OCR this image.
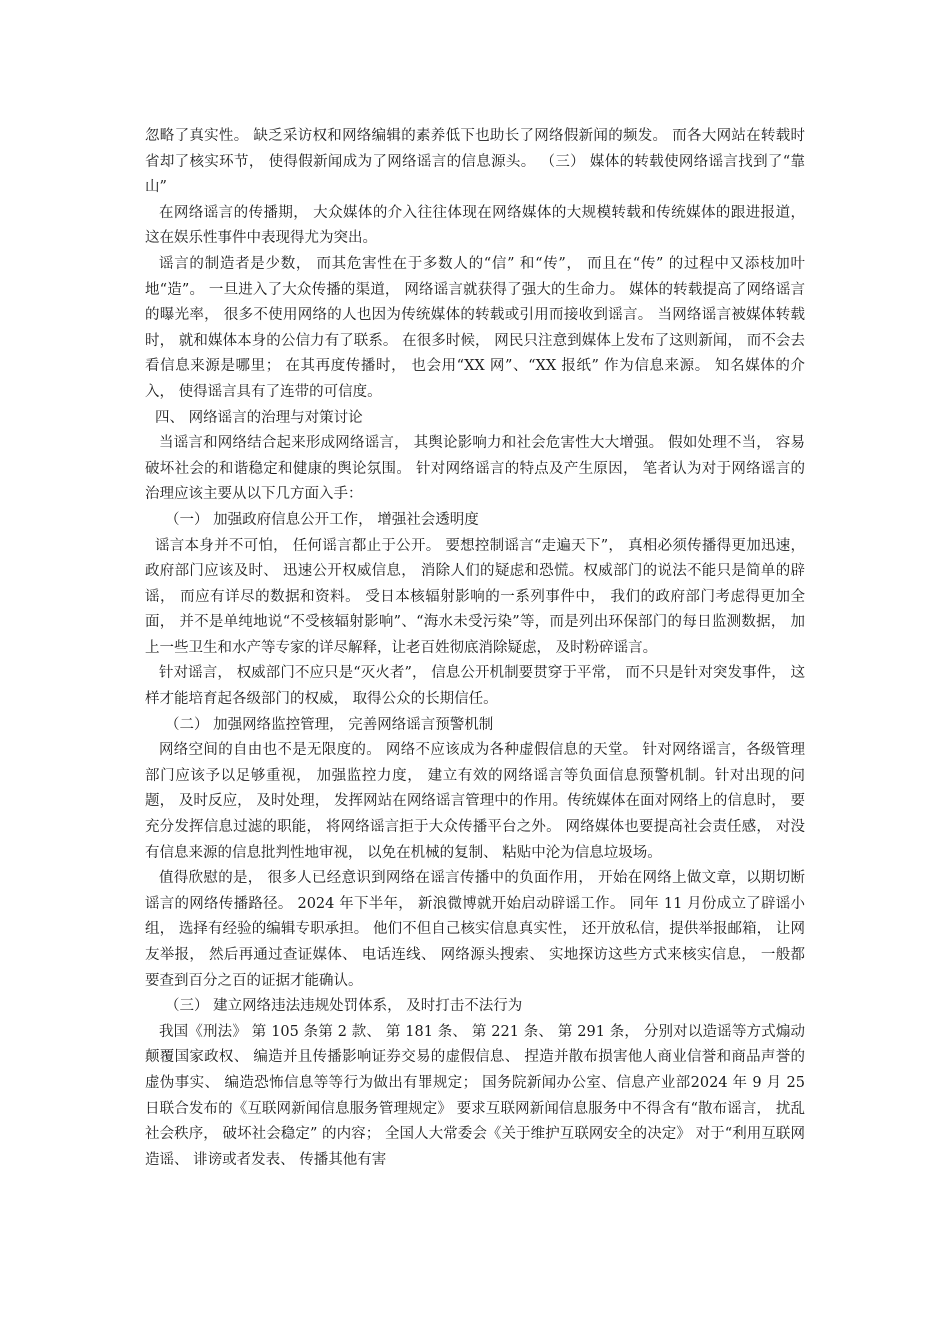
忽略了真实性。 缺乏采访权和网络编辑的素养低下也助长了网络假新闻的频发。 而各大网站在转载时省却了核实环节， 使得假新闻成为了网络谣言的信息源头。 （三） 媒体的转载使网络谣言找到了“靠山”

在网络谣言的传播期， 大众媒体的介入往往体现在网络媒体的大规模转载和传统媒体的跟进报道， 这在娱乐性事件中表现得尤为突出。

谣言的制造者是少数， 而其危害性在于多数人的“信” 和“传”， 而且在“传” 的过程中又添枝加叶地“造”。 一旦进入了大众传播的渠道， 网络谣言就获得了强大的生命力。 媒体的转载提高了网络谣言的曝光率， 很多不使用网络的人也因为传统媒体的转载或引用而接收到谣言。 当网络谣言被媒体转载时， 就和媒体本身的公信力有了联系。 在很多时候， 网民只注意到媒体上发布了这则新闻， 而不会去看信息来源是哪里； 在其再度传播时， 也会用“XX 网”、“XX 报纸” 作为信息来源。 知名媒体的介入， 使得谣言具有了连带的可信度。

四、 网络谣言的治理与对策讨论

当谣言和网络结合起来形成网络谣言， 其舆论影响力和社会危害性大大增强。 假如处理不当， 容易破坏社会的和谐稳定和健康的舆论氛围。 针对网络谣言的特点及产生原因， 笔者认为对于网络谣言的治理应该主要从以下几方面入手：

（一） 加强政府信息公开工作， 增强社会透明度

谣言本身并不可怕， 任何谣言都止于公开。 要想控制谣言“走遍天下”， 真相必须传播得更加迅速， 政府部门应该及时、 迅速公开权威信息， 消除人们的疑虑和恐慌。权威部门的说法不能只是简单的辟谣， 而应有详尽的数据和资料。 受日本核辐射影响的一系列事件中， 我们的政府部门考虑得更加全面， 并不是单纯地说“不受核辐射影响”、“海水未受污染”等，而是列出环保部门的每日监测数据， 加上一些卫生和水产等专家的详尽解释，让老百姓彻底消除疑虑， 及时粉碎谣言。

针对谣言， 权威部门不应只是“灭火者”， 信息公开机制要贯穿于平常， 而不只是针对突发事件， 这样才能培育起各级部门的权威， 取得公众的长期信任。

（二） 加强网络监控管理， 完善网络谣言预警机制

网络空间的自由也不是无限度的。 网络不应该成为各种虚假信息的天堂。 针对网络谣言，各级管理部门应该予以足够重视， 加强监控力度， 建立有效的网络谣言等负面信息预警机制。针对出现的问题， 及时反应， 及时处理， 发挥网站在网络谣言管理中的作用。传统媒体在面对网络上的信息时， 要充分发挥信息过滤的职能， 将网络谣言拒于大众传播平台之外。 网络媒体也要提高社会责任感， 对没有信息来源的信息批判性地审视， 以免在机械的复制、 粘贴中沦为信息垃圾场。

值得欣慰的是， 很多人已经意识到网络在谣言传播中的负面作用， 开始在网络上做文章，以期切断谣言的网络传播路径。 2024 年下半年， 新浪微博就开始启动辟谣工作。 同年 11 月份成立了辟谣小组， 选择有经验的编辑专职承担。 他们不但自己核实信息真实性， 还开放私信，提供举报邮箱， 让网友举报， 然后再通过查证媒体、 电话连线、 网络源头搜索、 实地探访这些方式来核实信息， 一般都要查到百分之百的证据才能确认。

（三） 建立网络违法违规处罚体系， 及时打击不法行为

我国《刑法》 第 105 条第 2 款、 第 181 条、 第 221 条、 第 291 条， 分别对以造谣等方式煽动颠覆国家政权、 编造并且传播影响证券交易的虚假信息、 捏造并散布损害他人商业信誉和商品声誉的虚伪事实、 编造恐怖信息等等行为做出有罪规定； 国务院新闻办公室、信息产业部2024 年 9 月 25 日联合发布的《互联网新闻信息服务管理规定》 要求互联网新闻信息服务中不得含有“散布谣言， 扰乱社会秩序， 破坏社会稳定” 的内容； 全国人大常委会《关于维护互联网安全的决定》 对于“利用互联网造谣、 诽谤或者发表、 传播其他有害
